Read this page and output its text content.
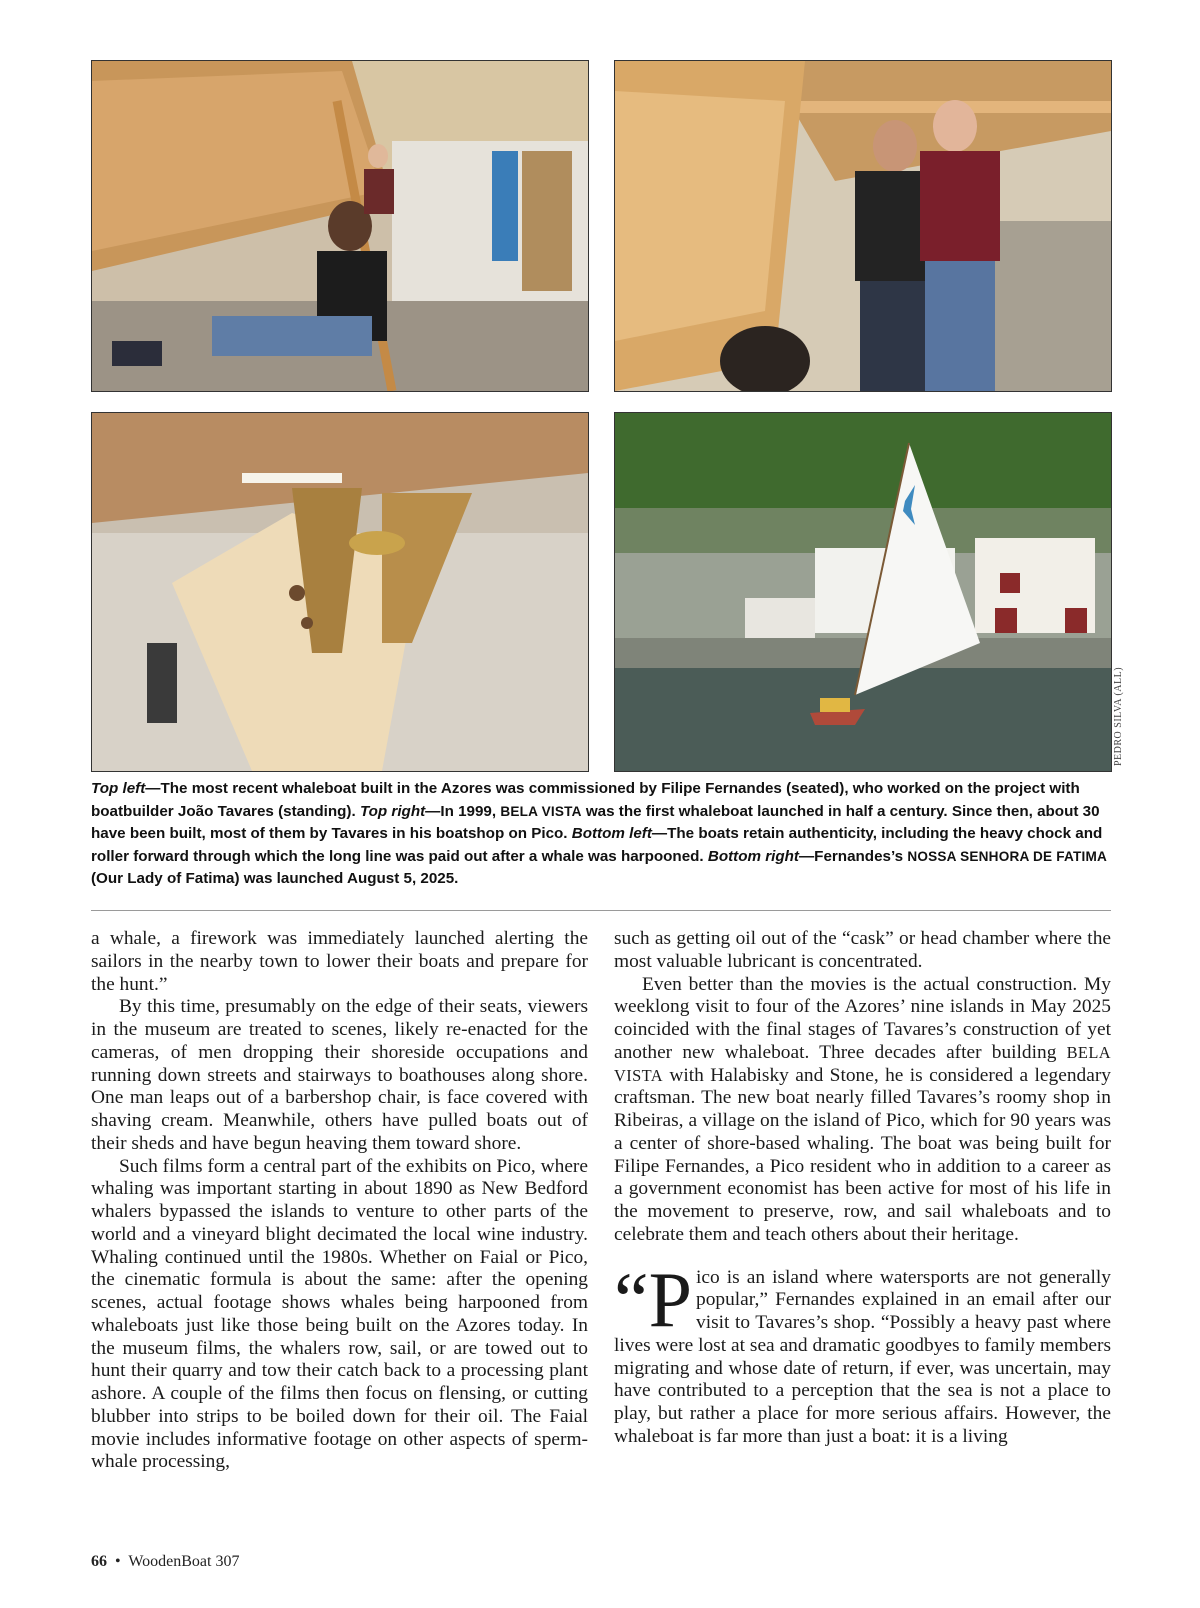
PEDRO SILVA (ALL)
Top left—The most recent whaleboat built in the Azores was commissioned by Filipe Fernandes (seated), who worked on the project with boatbuilder João Tavares (standing). Top right—In 1999, BELA VISTA was the first whaleboat launched in half a century. Since then, about 30 have been built, most of them by Tavares in his boatshop on Pico. Bottom left—The boats retain authenticity, including the heavy chock and roller forward through which the long line was paid out after a whale was harpooned. Bottom right—Fernandes’s NOSSA SENHORA DE FATIMA (Our Lady of Fatima) was launched August 5, 2025.

a whale, a firework was immediately launched alerting the sailors in the nearby town to lower their boats and prepare for the hunt.”

By this time, presumably on the edge of their seats, viewers in the museum are treated to scenes, likely re-enacted for the cameras, of men dropping their shoreside occupations and running down streets and stairways to boathouses along shore. One man leaps out of a barbershop chair, is face covered with shaving cream. Meanwhile, others have pulled boats out of their sheds and have begun heaving them toward shore.

Such films form a central part of the exhibits on Pico, where whaling was important starting in about 1890 as New Bedford whalers bypassed the islands to venture to other parts of the world and a vineyard blight decimated the local wine industry. Whaling continued until the 1980s. Whether on Faial or Pico, the cinematic formula is about the same: after the opening scenes, actual footage shows whales being harpooned from whaleboats just like those being built on the Azores today. In the museum films, the whalers row, sail, or are towed out to hunt their quarry and tow their catch back to a processing plant ashore. A couple of the films then focus on flensing, or cutting blubber into strips to be boiled down for their oil. The Faial movie includes informative footage on other aspects of sperm-whale processing,

such as getting oil out of the “cask” or head chamber where the most valuable lubricant is concentrated.

Even better than the movies is the actual construction. My weeklong visit to four of the Azores’ nine islands in May 2025 coincided with the final stages of Tavares’s construction of yet another new whaleboat. Three decades after building BELA VISTA with Halabisky and Stone, he is considered a legendary craftsman. The new boat nearly filled Tavares’s roomy shop in Ribeiras, a village on the island of Pico, which for 90 years was a center of shore-based whaling. The boat was being built for Filipe Fernandes, a Pico resident who in addition to a career as a government economist has been active for most of his life in the movement to preserve, row, and sail whaleboats and to celebrate them and teach others about their heritage.

“P ico is an island where watersports are not generally popular,” Fernandes explained in an email after our visit to Tavares’s shop. “Possibly a heavy past where lives were lost at sea and dramatic goodbyes to family members migrating and whose date of return, if ever, was uncertain, may have contributed to a perception that the sea is not a place to play, but rather a place for more serious affairs. However, the whaleboat is far more than just a boat: it is a living

66 • WoodenBoat 307
